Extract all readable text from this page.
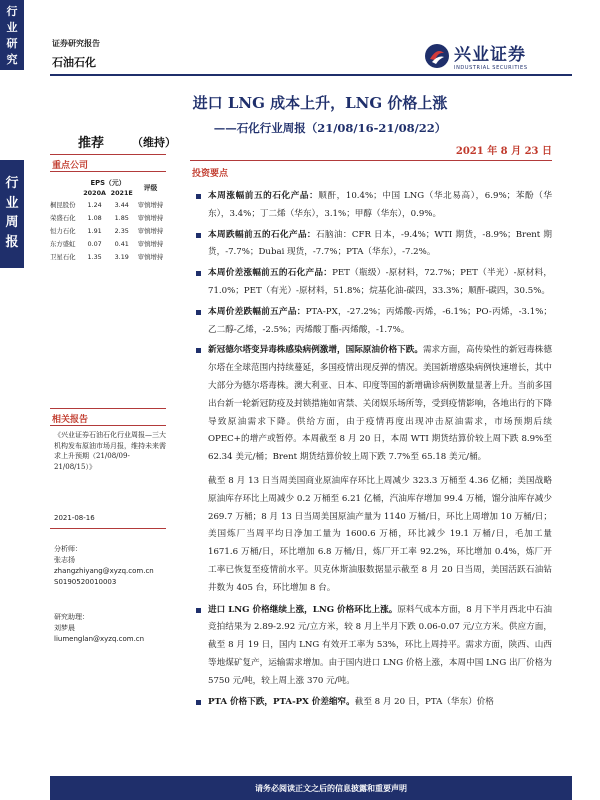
行
业
研
究
行
业
周
报
证券研究报告
石油石化	兴业证券
INDUSTRIAL SECURITIES
进口 LNG 成本上升，LNG 价格上涨
——石化行业周报（21/08/16-21/08/22）
推荐	（维持）
重点公司
	EPS（元）		评级
	2020A	2021E	
桐昆股份	1.24	3.44	审慎增持
荣盛石化	1.08	1.85	审慎增持
恒力石化	1.91	2.35	审慎增持
东方盛虹	0.07	0.41	审慎增持
卫星石化	1.35	3.19	审慎增持
相关报告
《兴业证券石油石化行业周报—三大机构发布原油市场月报，维持未来需求上升预期（21/08/09-21/08/15）》
2021-08-16
分析师：
张志扬
zhangzhiyang@xyzq.com.cn
S0190520010003
研究助理：
刘梦晨
liumenglan@xyzq.com.cn
2021 年 8 月 23 日
投资要点
本周涨幅前五的石化产品：顺酐，10.4%；中国 LNG（华北易高），6.9%；苯酚（华东），3.4%；丁二烯（华东），3.1%；甲醇（华东），0.9%。
本周跌幅前五的石化产品：石脑油：CFR 日本，-9.4%；WTI 期货，-8.9%；Brent 期货，-7.7%；Dubai 现货，-7.7%；PTA（华东），-7.2%。
本周价差涨幅前五的石化产品：PET（瓶级）-原材料，72.7%；PET（半光）-原材料，71.0%；PET（有光）-原材料，51.8%；烷基化油-碳四，33.3%；顺酐-碳四，30.5%。
本周价差跌幅前五产品：PTA-PX，-27.2%；丙烯酸-丙烯，-6.1%；PO-丙烯，-3.1%；乙二醇-乙烯，-2.5%；丙烯酸丁酯-丙烯酸，-1.7%。
新冠德尔塔变异毒株感染病例激增，国际原油价格下跌。需求方面，高传染性的新冠毒株德尔塔在全球范围内持续蔓延，多国疫情出现反弹的情况。美国新增感染病例快速增长，其中大部分为德尔塔毒株。澳大利亚、日本、印度等国的新增确诊病例数量显著上升。当前多国出台新一轮新冠防疫及封锁措施如宵禁、关闭娱乐场所等，受到疫情影响，各地出行的下降导致原油需求下降。供给方面，由于疫情再度出现冲击原油需求，市场预期后续 OPEC+的增产或暂停。本周截至 8 月 20 日，本周 WTI 期货结算价较上周下跌 8.9%至 62.34 美元/桶；Brent 期货结算价较上周下跌 7.7%至 65.18 美元/桶。
截至 8 月 13 日当周美国商业原油库存环比上周减少 323.3 万桶至 4.36 亿桶；美国战略原油库存环比上周减少 0.2 万桶至 6.21 亿桶，汽油库存增加 99.4 万桶，馏分油库存减少 269.7 万桶；8 月 13 日当周美国原油产量为 1140 万桶/日，环比上周增加 10 万桶/日；美国炼厂当周平均日净加工量为 1600.6 万桶，环比减少 19.1 万桶/日，毛加工量 1671.6 万桶/日，环比增加 6.8 万桶/日，炼厂开工率 92.2%，环比增加 0.4%，炼厂开工率已恢复至疫情前水平。贝克休斯油服数据显示截至 8 月 20 日当周，美国活跃石油钻井数为 405 台，环比增加 8 台。
进口 LNG 价格继续上涨，LNG 价格环比上涨。原料气成本方面，8 月下半月西北中石油竞拍结果为 2.89-2.92 元/立方米，较 8 月上半月下跌 0.06-0.07 元/立方米。供应方面，截至 8 月 19 日，国内 LNG 有效开工率为 53%，环比上周持平。需求方面，陕西、山西等地煤矿复产，运输需求增加。由于国内进口 LNG 价格上涨，本周中国 LNG 出厂价格为 5750 元/吨，较上周上涨 370 元/吨。
PTA 价格下跌，PTA-PX 价差缩窄。截至 8 月 20 日，PTA（华东）价格
请务必阅读正文之后的信息披露和重要声明
